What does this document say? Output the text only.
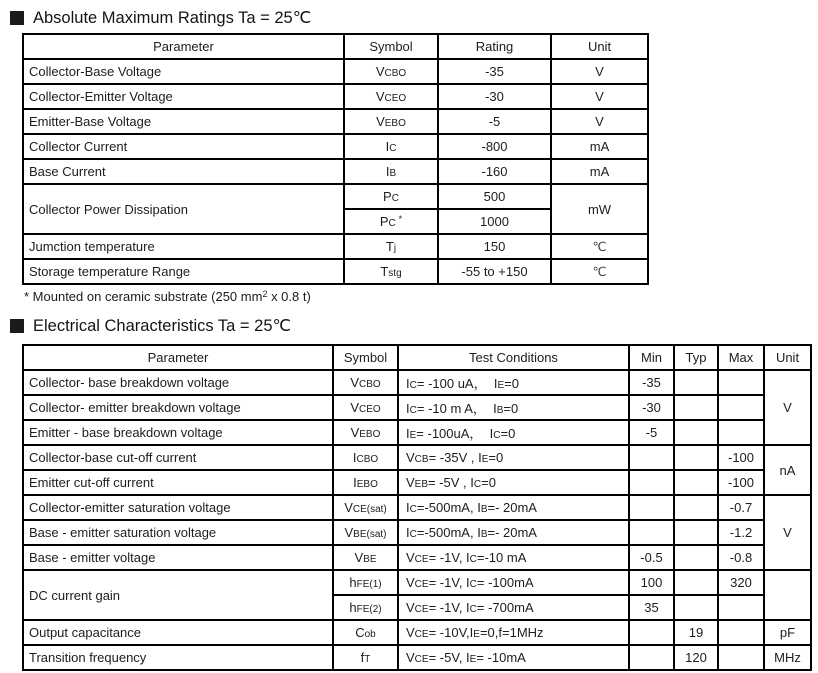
Absolute Maximum Ratings Ta = 25℃
Parameter	Symbol	Rating	Unit
Collector-Base Voltage	VCBO	-35	V
Collector-Emitter Voltage	VCEO	-30	V
Emitter-Base Voltage	VEBO	-5	V
Collector Current	IC	-800	mA
Base Current	IB	-160	mA
Collector Power Dissipation	PC	500	mW
	PC *	1000	
Jumction temperature	Tj	150	℃
Storage temperature Range	Tstg	-55 to +150	℃
* Mounted on ceramic substrate (250 $mm^2$ x 0.8 t)
Electrical Characteristics Ta = 25℃
Parameter	Symbol	Test Conditions	Min	Typ	Max	Unit
Collector- base breakdown voltage	VCBO	IC= -100 uA，  IE=0	-35			V
Collector- emitter breakdown voltage	VCEO	IC= -10 m A，  IB=0	-30			
Emitter - base breakdown voltage	VEBO	IE= -100uA，  IC=0	-5			
Collector-base cut-off current	ICBO	VCB= -35V , IE=0			-100	nA
Emitter cut-off current	IEBO	VEB= -5V , IC=0			-100	
Collector-emitter saturation voltage	VCE(sat)	IC=-500mA, IB=- 20mA			-0.7	V
Base - emitter saturation voltage	VBE(sat)	IC=-500mA, IB=- 20mA			-1.2	
Base - emitter voltage	VBE	VCE= -1V, IC=-10 mA	-0.5		-0.8	
DC current gain	hFE(1)	VCE= -1V, IC= -100mA	100		320	
	hFE(2)	VCE= -1V, IC= -700mA	35			
Output capacitance	Cob	VCE= -10V,IE=0,f=1MHz		19		pF
Transition frequency	fT	VCE= -5V, IE= -10mA		120		MHz
